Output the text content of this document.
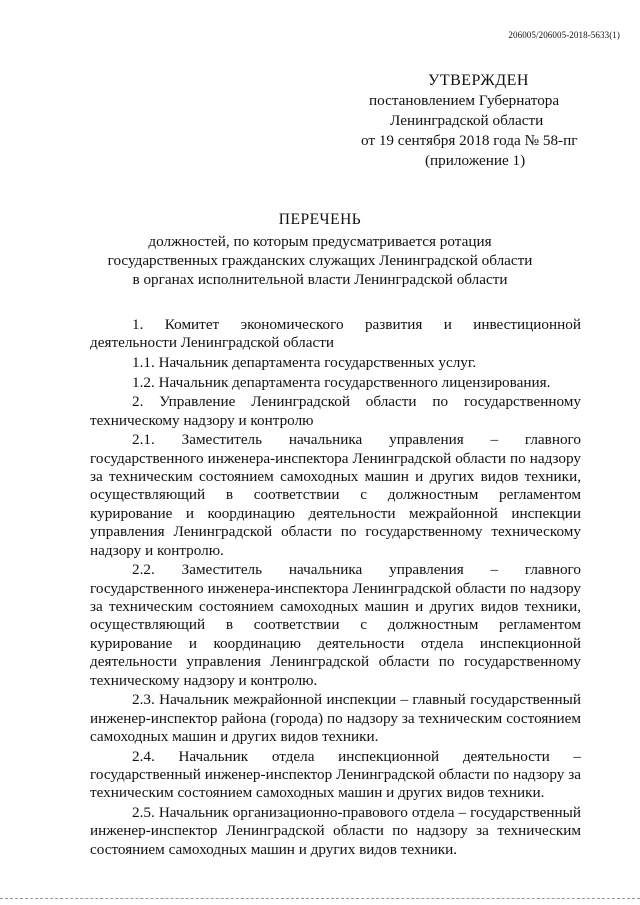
206005/206005-2018-5633(1)
УТВЕРЖДЕН
постановлением Губернатора
Ленинградской области
от 19 сентября 2018 года № 58-пг
(приложение 1)
ПЕРЕЧЕНЬ
должностей, по которым предусматривается ротация
государственных гражданских служащих Ленинградской области
в органах исполнительной власти Ленинградской области

1. Комитет экономического развития и инвестиционной деятельности Ленинградской области

1.1. Начальник департамента государственных услуг.

1.2. Начальник департамента государственного лицензирования.

2. Управление Ленинградской области по государственному техническому надзору и контролю

2.1. Заместитель начальника управления – главного государственного инженера-инспектора Ленинградской области по надзору за техническим состоянием самоходных машин и других видов техники, осуществляющий в соответствии с должностным регламентом курирование и координацию деятельности межрайонной инспекции управления Ленинградской области по государственному техническому надзору и контролю.

2.2. Заместитель начальника управления – главного государственного инженера-инспектора Ленинградской области по надзору за техническим состоянием самоходных машин и других видов техники, осуществляющий в соответствии с должностным регламентом курирование и координацию деятельности отдела инспекционной деятельности управления Ленинградской области по государственному техническому надзору и контролю.

2.3. Начальник межрайонной инспекции – главный государственный инженер-инспектор района (города) по надзору за техническим состоянием самоходных машин и других видов техники.

2.4. Начальник отдела инспекционной деятельности – государственный инженер-инспектор Ленинградской области по надзору за техническим состоянием самоходных машин и других видов техники.

2.5. Начальник организационно-правового отдела – государственный инженер-инспектор Ленинградской области по надзору за техническим состоянием самоходных машин и других видов техники.
